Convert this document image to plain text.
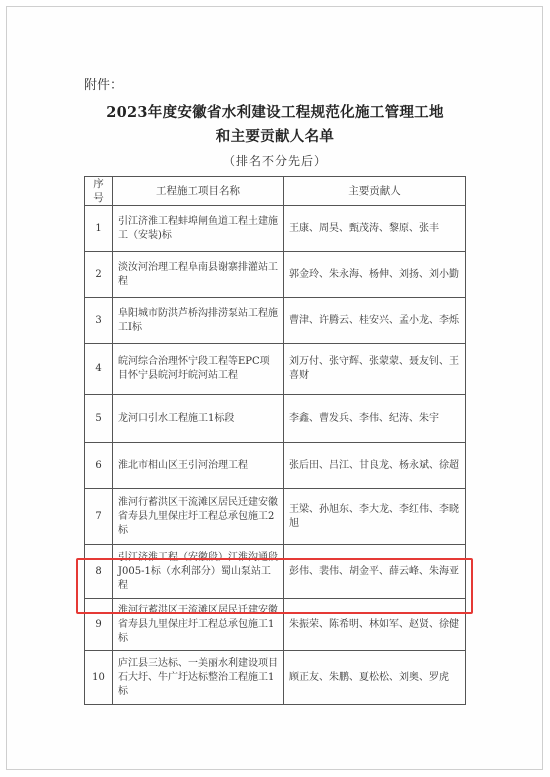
附件：
2023年度安徽省水利建设工程规范化施工管理工地
和主要贡献人名单
（排名不分先后）
序号	工程施工项目名称	主要贡献人
1	引江济淮工程蚌埠闸鱼道工程土建施工（安装)标	王康、周昊、甄茂涛、黎原、张丰
2	淡汝河治理工程阜南县谢寨排灌站工程	郭金玲、朱永海、杨伸、刘扬、刘小勤
3	阜阳城市防洪芦桥沟排涝泵站工程施工I标	曹津、许腾云、桂安兴、孟小龙、李烁
4	皖河综合治理怀宁段工程等EPC项目怀宁县皖河圩皖河站工程	刘万付、张守辉、张蒙蒙、聂友钊、王喜财
5	龙河口引水工程施工1标段	李鑫、曹发兵、李伟、纪涛、朱宇
6	淮北市相山区王引河治理工程	张后田、吕江、甘良龙、杨永斌、徐超
7	淮河行蓄洪区干流滩区居民迁建安徽省寿县九里保庄圩工程总承包施工2标	王梁、孙旭东、李大龙、李红伟、李晓旭
8	引江济淮工程（安徽段）江淮沟通段J005-1标（水利部分）蜀山泵站工程	彭伟、裴伟、胡金平、薛云峰、朱海亚
9	淮河行蓄洪区干流滩区居民迁建安徽省寿县九里保庄圩工程总承包施工1标	朱振荣、陈希明、林如军、赵贤、徐健
10	庐江县三达标、一美丽水利建设项目石大圩、牛广圩达标整治工程施工1标	顾正友、朱鹏、夏松松、刘奥、罗虎
